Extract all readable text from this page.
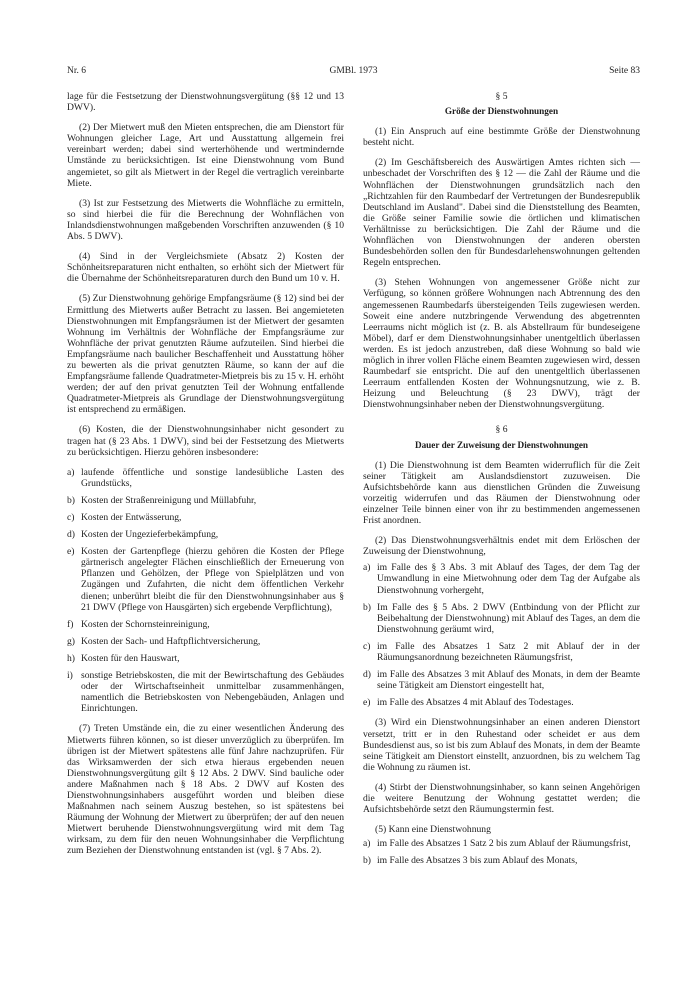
Nr. 6	GMBl. 1973	Seite 83

lage für die Festsetzung der Dienstwohnungsvergütung (§§ 12 und 13 DWV).

(2) Der Mietwert muß den Mieten entsprechen, die am Dienstort für Wohnungen gleicher Lage, Art und Ausstattung allgemein frei vereinbart werden; dabei sind werterhöhende und wertmindernde Umstände zu berücksichtigen. Ist eine Dienstwohnung vom Bund angemietet, so gilt als Mietwert in der Regel die vertraglich vereinbarte Miete.

(3) Ist zur Festsetzung des Mietwerts die Wohnfläche zu ermitteln, so sind hierbei die für die Berechnung der Wohnflächen von Inlandsdienstwohnungen maßgebenden Vorschriften anzuwenden (§ 10 Abs. 5 DWV).

(4) Sind in der Vergleichsmiete (Absatz 2) Kosten der Schönheitsreparaturen nicht enthalten, so erhöht sich der Mietwert für die Übernahme der Schönheitsreparaturen durch den Bund um 10 v. H.

(5) Zur Dienstwohnung gehörige Empfangsräume (§ 12) sind bei der Ermittlung des Mietwerts außer Betracht zu lassen. Bei angemieteten Dienstwohnungen mit Empfangsräumen ist der Mietwert der gesamten Wohnung im Verhältnis der Wohnfläche der Empfangsräume zur Wohnfläche der privat genutzten Räume aufzuteilen. Sind hierbei die Empfangsräume nach baulicher Beschaffenheit und Ausstattung höher zu bewerten als die privat genutzten Räume, so kann der auf die Empfangsräume fallende Quadratmeter-Mietpreis bis zu 15 v. H. erhöht werden; der auf den privat genutzten Teil der Wohnung entfallende Quadratmeter-Mietpreis als Grundlage der Dienstwohnungsvergütung ist entsprechend zu ermäßigen.

(6) Kosten, die der Dienstwohnungsinhaber nicht gesondert zu tragen hat (§ 23 Abs. 1 DWV), sind bei der Festsetzung des Mietwerts zu berücksichtigen. Hierzu gehören insbesondere:

a) laufende öffentliche und sonstige landesübliche Lasten des Grundstücks,
b) Kosten der Straßenreinigung und Müllabfuhr,
c) Kosten der Entwässerung,
d) Kosten der Ungezieferbekämpfung,
e) Kosten der Gartenpflege (hierzu gehören die Kosten der Pflege gärtnerisch angelegter Flächen einschließlich der Erneuerung von Pflanzen und Gehölzen, der Pflege von Spielplätzen und von Zugängen und Zufahrten, die nicht dem öffentlichen Verkehr dienen; unberührt bleibt die für den Dienstwohnungsinhaber aus § 21 DWV (Pflege von Hausgärten) sich ergebende Verpflichtung),
f) Kosten der Schornsteinreinigung,
g) Kosten der Sach- und Haftpflichtversicherung,
h) Kosten für den Hauswart,
i) sonstige Betriebskosten, die mit der Bewirtschaftung des Gebäudes oder der Wirtschaftseinheit unmittelbar zusammenhängen, namentlich die Betriebskosten von Nebengebäuden, Anlagen und Einrichtungen.

(7) Treten Umstände ein, die zu einer wesentlichen Änderung des Mietwerts führen können, so ist dieser unverzüglich zu überprüfen. Im übrigen ist der Mietwert spätestens alle fünf Jahre nachzuprüfen. Für das Wirksamwerden der sich etwa hieraus ergebenden neuen Dienstwohnungsvergütung gilt § 12 Abs. 2 DWV. Sind bauliche oder andere Maßnahmen nach § 18 Abs. 2 DWV auf Kosten des Dienstwohnungsinhabers ausgeführt worden und bleiben diese Maßnahmen nach seinem Auszug bestehen, so ist spätestens bei Räumung der Wohnung der Mietwert zu überprüfen; der auf den neuen Mietwert beruhende Dienstwohnungsvergütung wird mit dem Tag wirksam, zu dem für den neuen Wohnungsinhaber die Verpflichtung zum Beziehen der Dienstwohnung entstanden ist (vgl. § 7 Abs. 2).

§ 5
Größe der Dienstwohnungen

(1) Ein Anspruch auf eine bestimmte Größe der Dienstwohnung besteht nicht.

(2) Im Geschäftsbereich des Auswärtigen Amtes richten sich — unbeschadet der Vorschriften des § 12 — die Zahl der Räume und die Wohnflächen der Dienstwohnungen grundsätzlich nach den „Richtzahlen für den Raumbedarf der Vertretungen der Bundesrepublik Deutschland im Ausland". Dabei sind die Dienststellung des Beamten, die Größe seiner Familie sowie die örtlichen und klimatischen Verhältnisse zu berücksichtigen. Die Zahl der Räume und die Wohnflächen von Dienstwohnungen der anderen obersten Bundesbehörden sollen den für Bundesdarlehenswohnungen geltenden Regeln entsprechen.

(3) Stehen Wohnungen von angemessener Größe nicht zur Verfügung, so können größere Wohnungen nach Abtrennung des den angemessenen Raumbedarfs übersteigenden Teils zugewiesen werden. Soweit eine andere nutzbringende Verwendung des abgetrennten Leerraums nicht möglich ist (z. B. als Abstellraum für bundeseigene Möbel), darf er dem Dienstwohnungsinhaber unentgeltlich überlassen werden. Es ist jedoch anzustreben, daß diese Wohnung so bald wie möglich in ihrer vollen Fläche einem Beamten zugewiesen wird, dessen Raumbedarf sie entspricht. Die auf den unentgeltlich überlassenen Leerraum entfallenden Kosten der Wohnungsnutzung, wie z. B. Heizung und Beleuchtung (§ 23 DWV), trägt der Dienstwohnungsinhaber neben der Dienstwohnungsvergütung.

§ 6
Dauer der Zuweisung der Dienstwohnungen

(1) Die Dienstwohnung ist dem Beamten widerruflich für die Zeit seiner Tätigkeit am Auslandsdienstort zuzuweisen. Die Aufsichtsbehörde kann aus dienstlichen Gründen die Zuweisung vorzeitig widerrufen und das Räumen der Dienstwohnung oder einzelner Teile binnen einer von ihr zu bestimmenden angemessenen Frist anordnen.

(2) Das Dienstwohnungsverhältnis endet mit dem Erlöschen der Zuweisung der Dienstwohnung,

a) im Falle des § 3 Abs. 3 mit Ablauf des Tages, der dem Tag der Umwandlung in eine Mietwohnung oder dem Tag der Aufgabe als Dienstwohnung vorhergeht,
b) Im Falle des § 5 Abs. 2 DWV (Entbindung von der Pflicht zur Beibehaltung der Dienstwohnung) mit Ablauf des Tages, an dem die Dienstwohnung geräumt wird,
c) im Falle des Absatzes 1 Satz 2 mit Ablauf der in der Räumungsanordnung bezeichneten Räumungsfrist,
d) im Falle des Absatzes 3 mit Ablauf des Monats, in dem der Beamte seine Tätigkeit am Dienstort eingestellt hat,
e) im Falle des Absatzes 4 mit Ablauf des Todestages.

(3) Wird ein Dienstwohnungsinhaber an einen anderen Dienstort versetzt, tritt er in den Ruhestand oder scheidet er aus dem Bundesdienst aus, so ist bis zum Ablauf des Monats, in dem der Beamte seine Tätigkeit am Dienstort einstellt, anzuordnen, bis zu welchem Tag die Wohnung zu räumen ist.

(4) Stirbt der Dienstwohnungsinhaber, so kann seinen Angehörigen die weitere Benutzung der Wohnung gestattet werden; die Aufsichtsbehörde setzt den Räumungstermin fest.

(5) Kann eine Dienstwohnung

a) im Falle des Absatzes 1 Satz 2 bis zum Ablauf der Räumungsfrist,
b) im Falle des Absatzes 3 bis zum Ablauf des Monats,
